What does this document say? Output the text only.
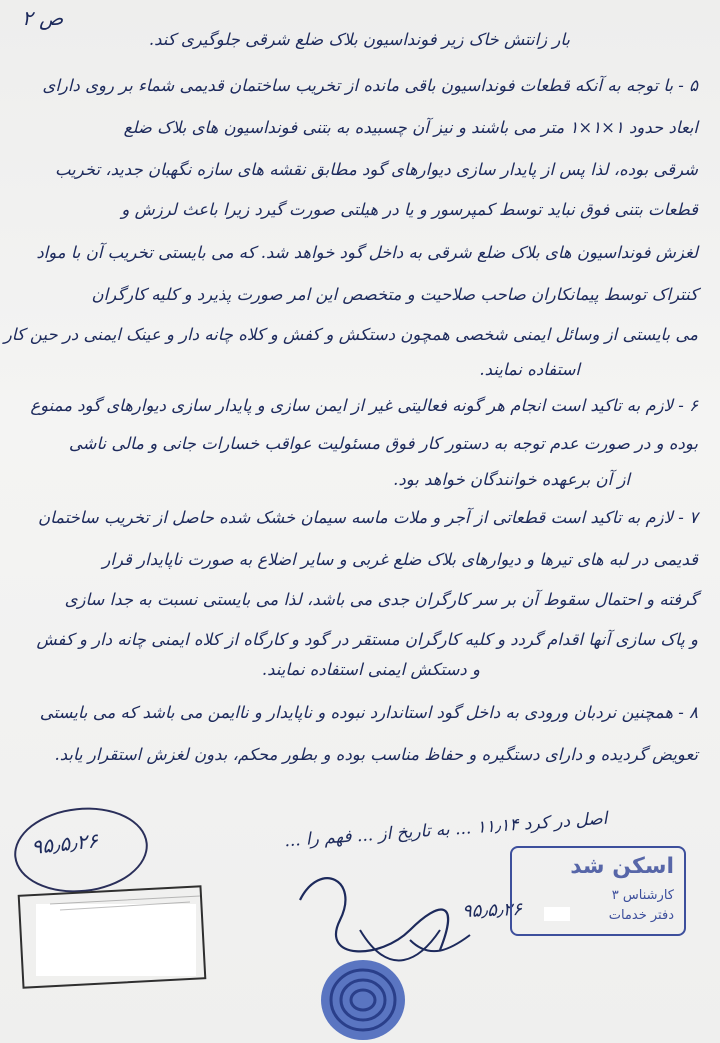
ص ۲
بار زانتش خاک زیر فونداسیون بلاک ضلع شرقی جلوگیری کند.
۵ - با توجه به آنکه قطعات فونداسیون باقی مانده از تخریب ساختمان قدیمی شماء بر روی دارای
ابعاد حدود ۱×۱×۱ متر می باشند و نیز آن چسبیده به بتنی فونداسیون های بلاک ضلع
شرقی بوده، لذا پس از پایدار سازی دیوارهای گود مطابق نقشه های سازه نگهبان جدید، تخریب
قطعات بتنی فوق نباید توسط کمپرسور و یا در هیلتی صورت گیرد زیرا باعث لرزش و
لغزش فونداسیون های بلاک ضلع شرقی به داخل گود خواهد شد. که می بایستی تخریب آن با مواد
کنتراک توسط پیمانکاران صاحب صلاحیت و متخصص این امر صورت پذیرد و کلیه کارگران
می بایستی از وسائل ایمنی شخصی همچون دستکش و کفش و کلاه چانه دار و عینک ایمنی در حین کار
استفاده نمایند.
۶ - لازم به تاکید است انجام هر گونه فعالیتی غیر از ایمن سازی و پایدار سازی دیوارهای گود ممنوع
بوده و در صورت عدم توجه به دستور کار فوق مسئولیت عواقب خسارات جانی و مالی ناشی
از آن برعهده خوانندگان خواهد بود.
۷ - لازم به تاکید است قطعاتی از آجر و ملات ماسه سیمان خشک شده حاصل از تخریب ساختمان
قدیمی در لبه های تیرها و دیوارهای بلاک ضلع غربی و سایر اضلاع به صورت ناپایدار قرار
گرفته و احتمال سقوط آن بر سر کارگران جدی می باشد، لذا می بایستی نسبت به جدا سازی
و پاک سازی آنها اقدام گردد و کلیه کارگران مستقر در گود و کارگاه از کلاه ایمنی چانه دار و کفش
و دستکش ایمنی استفاده نمایند.
۸ - همچنین نردبان ورودی به داخل گود استاندارد نبوده و ناپایدار و ناایمن می باشد که می بایستی
تعویض گردیده و دارای دستگیره و حفاظ مناسب بوده و بطور محکم، بدون لغزش استقرار یابد.
اصل در کرد ۱۱٫۱۴ ... به تاریخ از ... فهم را ...
۹۵٫۵٫۲۶
۹۵٫۵٫۲۶
اسکن شد
کارشناس ۳
دفتر خدمات
